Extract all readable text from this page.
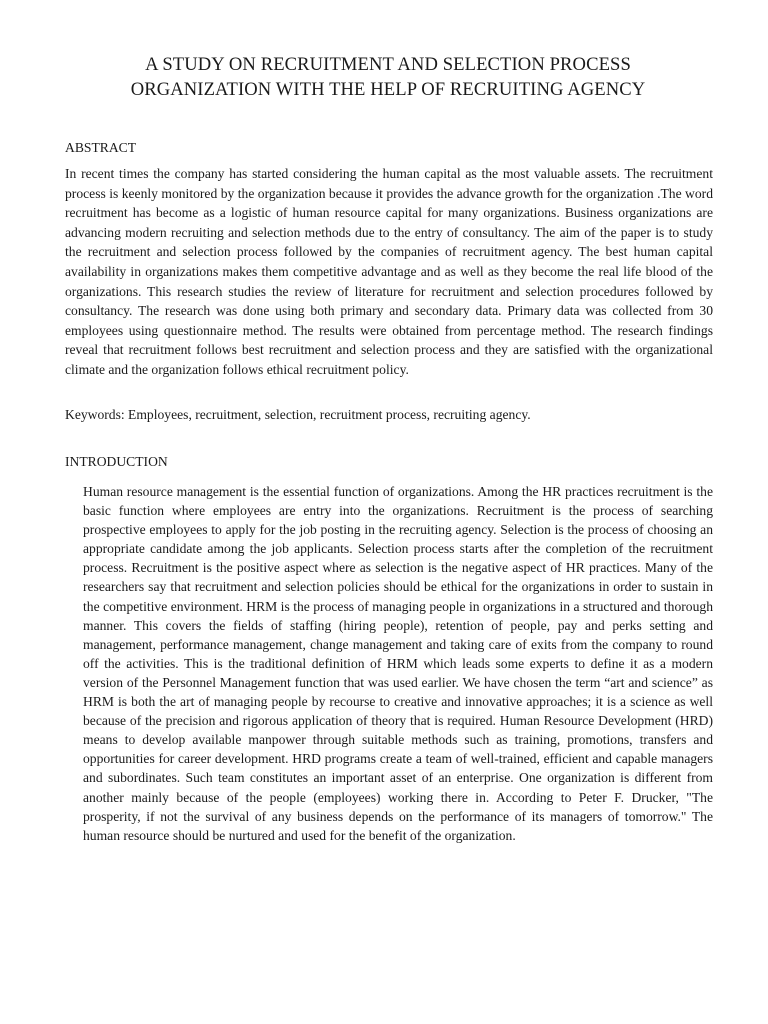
A STUDY ON RECRUITMENT AND SELECTION PROCESS
ORGANIZATION WITH THE HELP OF RECRUITING AGENCY
ABSTRACT

In recent times the company has started considering the human capital as the most valuable assets. The recruitment process is keenly monitored by the organization because it provides the advance growth for the organization .The word recruitment has become as a logistic of human resource capital for many organizations. Business organizations are advancing modern recruiting and selection methods due to the entry of consultancy. The aim of the paper is to study the recruitment and selection process followed by the companies of recruitment agency. The best human capital availability in organizations makes them competitive advantage and as well as they become the real life blood of the organizations. This research studies the review of literature for recruitment and selection procedures followed by consultancy. The research was done using both primary and secondary data. Primary data was collected from 30 employees using questionnaire method. The results were obtained from percentage method. The research findings reveal that recruitment follows best recruitment and selection process and they are satisfied with the organizational climate and the organization follows ethical recruitment policy.

Keywords: Employees, recruitment, selection, recruitment process, recruiting agency.

INTRODUCTION

Human resource management is the essential function of organizations. Among the HR practices recruitment is the basic function where employees are entry into the organizations. Recruitment is the process of searching prospective employees to apply for the job posting in the recruiting agency. Selection is the process of choosing an appropriate candidate among the job applicants. Selection process starts after the completion of the recruitment process. Recruitment is the positive aspect where as selection is the negative aspect of HR practices. Many of the researchers say that recruitment and selection policies should be ethical for the organizations in order to sustain in the competitive environment. HRM is the process of managing people in organizations in a structured and thorough manner. This covers the fields of staffing (hiring people), retention of people, pay and perks setting and management, performance management, change management and taking care of exits from the company to round off the activities. This is the traditional definition of HRM which leads some experts to define it as a modern version of the Personnel Management function that was used earlier. We have chosen the term “art and science” as HRM is both the art of managing people by recourse to creative and innovative approaches; it is a science as well because of the precision and rigorous application of theory that is required. Human Resource Development (HRD) means to develop available manpower through suitable methods such as training, promotions, transfers and opportunities for career development. HRD programs create a team of well-trained, efficient and capable managers and subordinates. Such team constitutes an important asset of an enterprise. One organization is different from another mainly because of the people (employees) working there in. According to Peter F. Drucker, "The prosperity, if not the survival of any business depends on the performance of its managers of tomorrow." The human resource should be nurtured and used for the benefit of the organization.
